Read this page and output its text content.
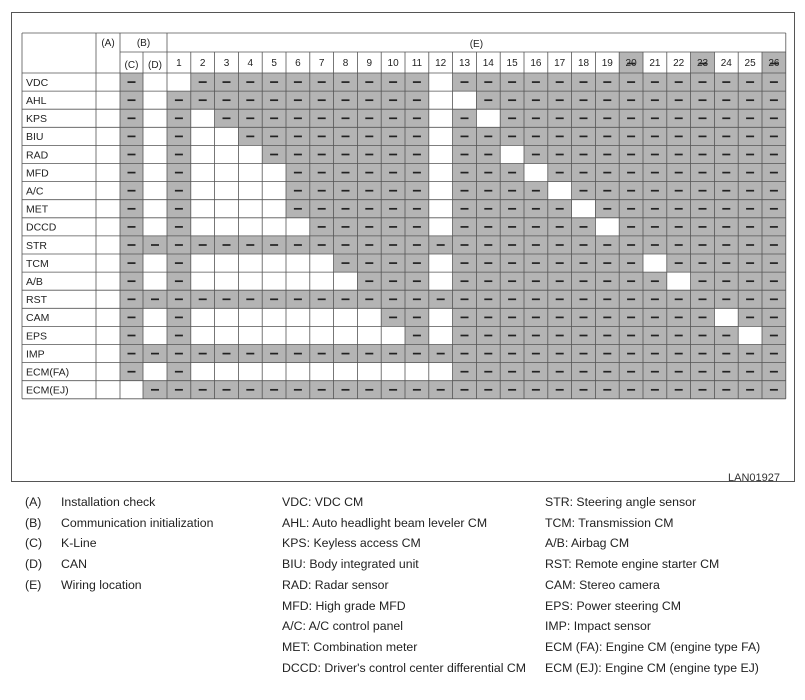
VDC
AHL
KPS
BIU
RAD
MFD
A/C
MET
DCCD
STR
TCM
A/B
RST
CAM
EPS
IMP
ECM(FA)
ECM(EJ)
(A) (B)
(C) (D)
(E)
1 2 3 4 5 6 7 8 9 10 11 12 13 14 15 16 17 18 19 20 21 22 23 24 25 26
LAN01927
(A) Installation check
(B) Communication initialization
(C) K-Line
(D) CAN
(E) Wiring location
VDC: VDC CM
AHL: Auto headlight beam leveler CM
KPS: Keyless access CM
BIU: Body integrated unit
RAD: Radar sensor
MFD: High grade MFD
A/C: A/C control panel
MET: Combination meter
DCCD: Driver's control center differential CM
STR: Steering angle sensor
TCM: Transmission CM
A/B: Airbag CM
RST: Remote engine starter CM
CAM: Stereo camera
EPS: Power steering CM
IMP: Impact sensor
ECM (FA): Engine CM (engine type FA)
ECM (EJ): Engine CM (engine type EJ)
